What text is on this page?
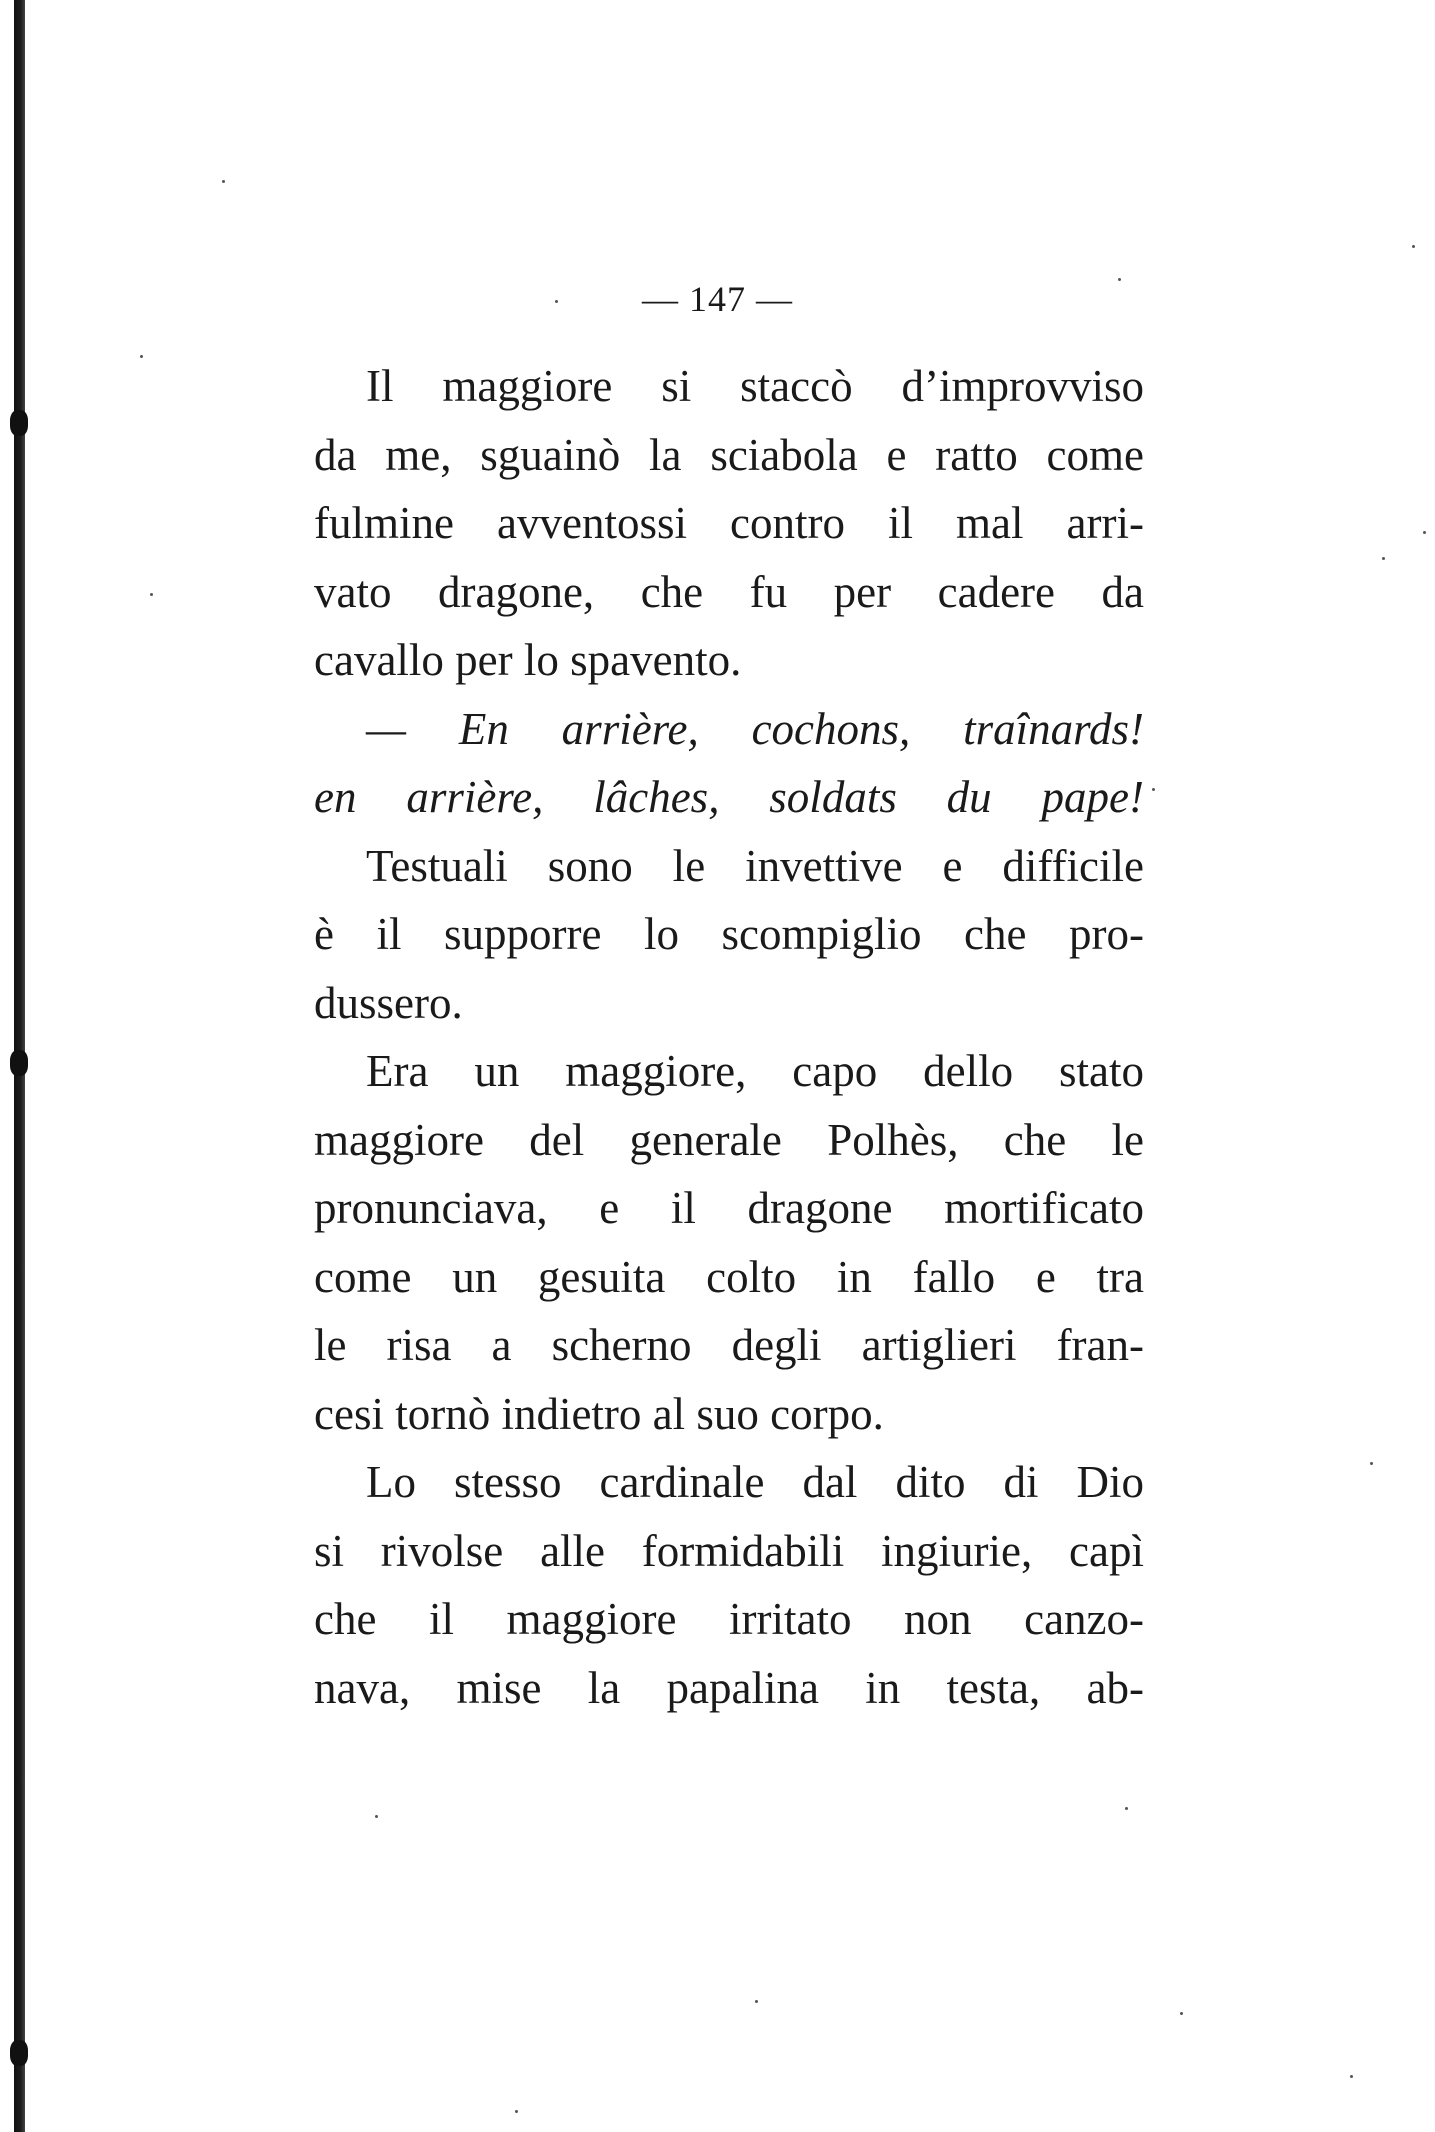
— 147 —

Il maggiore si staccò d’improvviso
da me, sguainò la sciabola e ratto come
fulmine avventossi contro il mal arri-
vato dragone, che fu per cadere da
cavallo per lo spavento.
— En arrière, cochons, traînards!
en arrière, lâches, soldats du pape!
Testuali sono le invettive e difficile
è il supporre lo scompiglio che pro-
dussero.
Era un maggiore, capo dello stato
maggiore del generale Polhès, che le
pronunciava, e il dragone mortificato
come un gesuita colto in fallo e tra
le risa a scherno degli artiglieri fran-
cesi tornò indietro al suo corpo.
Lo stesso cardinale dal dito di Dio
si rivolse alle formidabili ingiurie, capì
che il maggiore irritato non canzo-
nava, mise la papalina in testa, ab-
